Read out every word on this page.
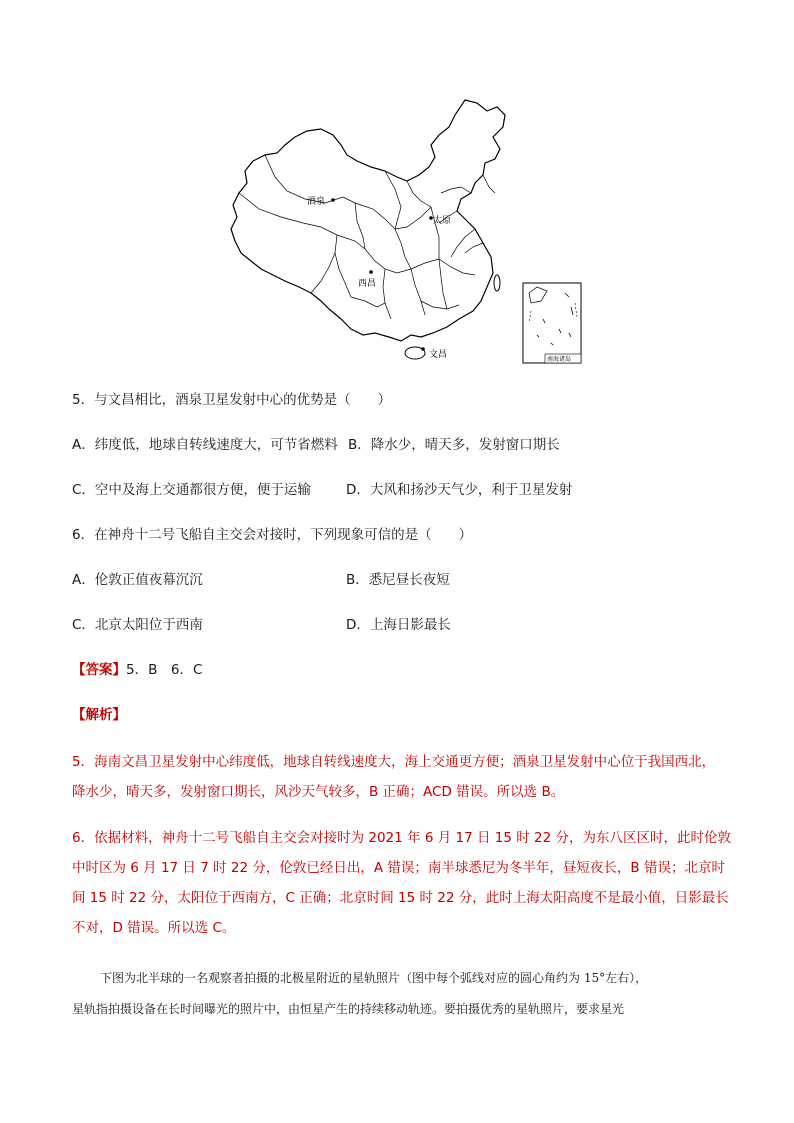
酒泉
太原
西昌
文昌	南海诸岛
5．与文昌相比，酒泉卫星发射中心的优势是（　　）
A．纬度低，地球自转线速度大，可节省燃料 B．降水少，晴天多，发射窗口期长
C．空中及海上交通都很方便，便于运输	D．大风和扬沙天气少，利于卫星发射
6．在神舟十二号飞船自主交会对接时，下列现象可信的是（　　）
A．伦敦正值夜幕沉沉	B．悉尼昼长夜短
C．北京太阳位于西南	D．上海日影最长
【答案】5．B　6．C
【解析】
5．海南文昌卫星发射中心纬度低，地球自转线速度大，海上交通更方便；酒泉卫星发射中心位于我国西北，
降水少，晴天多，发射窗口期长，风沙天气较多，B 正确；ACD 错误。所以选 B。
6．依据材料，神舟十二号飞船自主交会对接时为 2021 年 6 月 17 日 15 时 22 分，为东八区区时，此时伦敦
中时区为 6 月 17 日 7 时 22 分，伦敦已经日出，A 错误；南半球悉尼为冬半年，昼短夜长，B 错误；北京时
间 15 时 22 分，太阳位于西南方，C 正确；北京时间 15 时 22 分，此时上海太阳高度不是最小值，日影最长
不对，D 错误。所以选 C。
下图为北半球的一名观察者拍摄的北极星附近的星轨照片（图中每个弧线对应的圆心角约为 15°左右），
星轨指拍摄设备在长时间曝光的照片中，由恒星产生的持续移动轨迹。要拍摄优秀的星轨照片，要求星光
